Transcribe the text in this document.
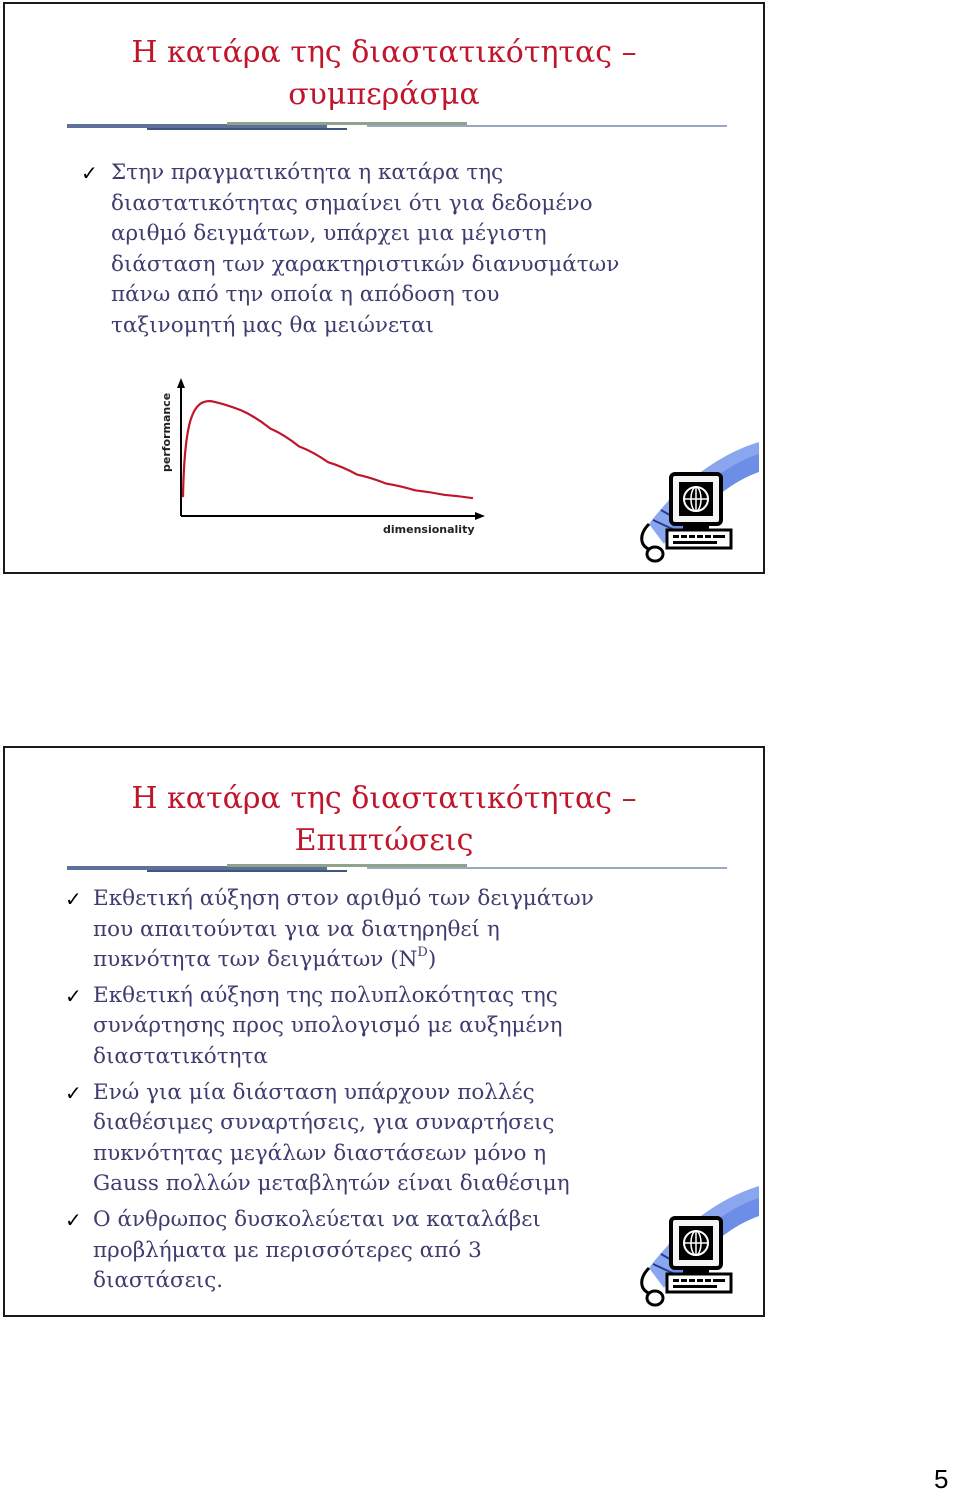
Η κατάρα της διαστατικότητας –
συμπεράσμα
✓ Στην πραγματικότητα η κατάρα της
διαστατικότητας σημαίνει ότι για δεδομένο
αριθμό δειγμάτων, υπάρχει μια μέγιστη
διάσταση των χαρακτηριστικών διανυσμάτων
πάνω από την οποία η απόδοση του
ταξινομητή μας θα μειώνεται
performance
dimensionality
Η κατάρα της διαστατικότητας –
Επιπτώσεις
✓ Εκθετική αύξηση στον αριθμό των δειγμάτων
που απαιτούνται για να διατηρηθεί η
πυκνότητα των δειγμάτων $(N^D)$
✓ Εκθετική αύξηση της πολυπλοκότητας της
συνάρτησης προς υπολογισμό με αυξημένη
διαστατικότητα
✓ Ενώ για μία διάσταση υπάρχουν πολλές
διαθέσιμες συναρτήσεις, για συναρτήσεις
πυκνότητας μεγάλων διαστάσεων μόνο η
Gauss πολλών μεταβλητών είναι διαθέσιμη
✓ Ο άνθρωπος δυσκολεύεται να καταλάβει
προβλήματα με περισσότερες από 3
διαστάσεις.
5
